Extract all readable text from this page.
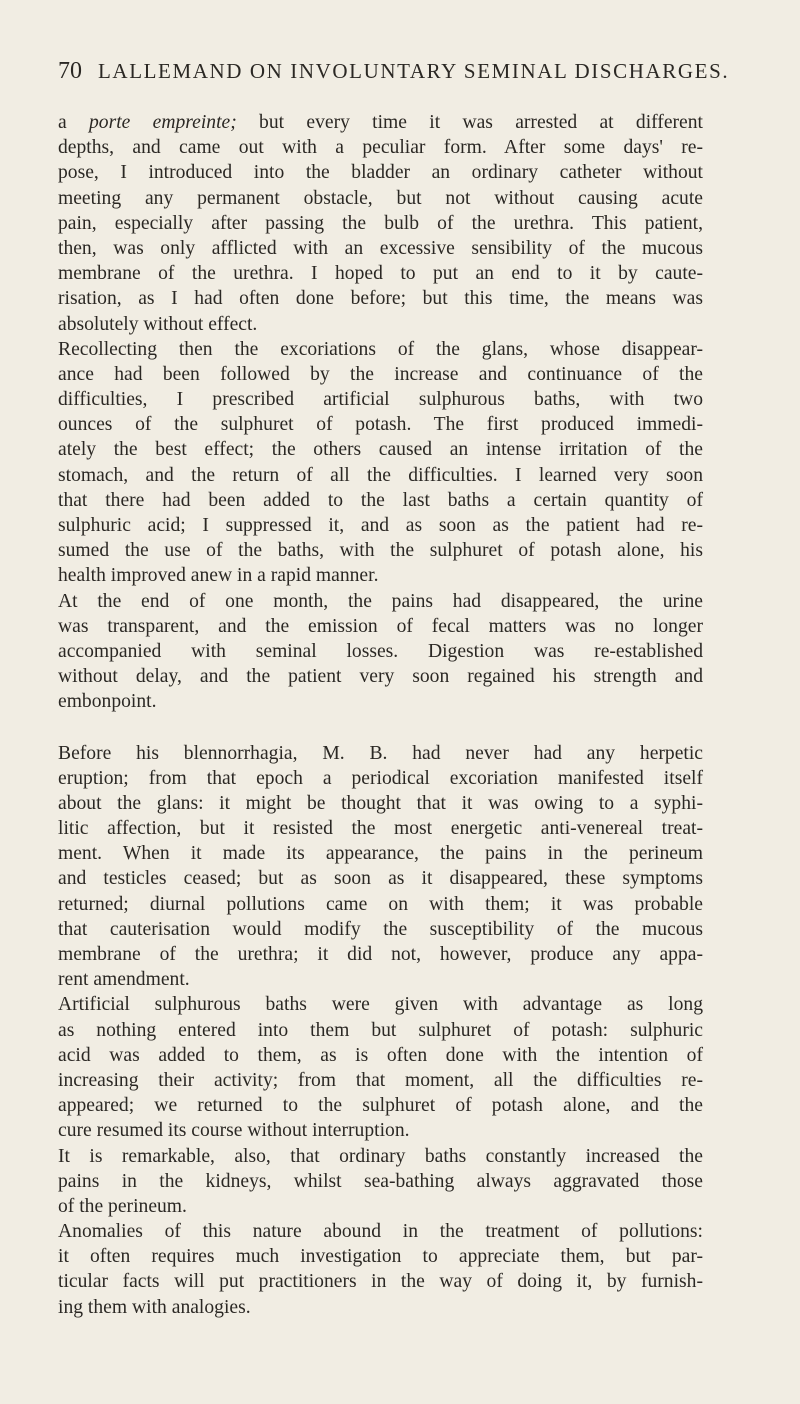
70 LALLEMAND ON INVOLUNTARY SEMINAL DISCHARGES.
a porte empreinte; but every time it was arrested at different
depths, and came out with a peculiar form. After some days' re-
pose, I introduced into the bladder an ordinary catheter without
meeting any permanent obstacle, but not without causing acute
pain, especially after passing the bulb of the urethra. This patient,
then, was only afflicted with an excessive sensibility of the mucous
membrane of the urethra. I hoped to put an end to it by caute-
risation, as I had often done before; but this time, the means was
absolutely without effect.
Recollecting then the excoriations of the glans, whose disappear-
ance had been followed by the increase and continuance of the
difficulties, I prescribed artificial sulphurous baths, with two
ounces of the sulphuret of potash. The first produced immedi-
ately the best effect; the others caused an intense irritation of the
stomach, and the return of all the difficulties. I learned very soon
that there had been added to the last baths a certain quantity of
sulphuric acid; I suppressed it, and as soon as the patient had re-
sumed the use of the baths, with the sulphuret of potash alone, his
health improved anew in a rapid manner.
At the end of one month, the pains had disappeared, the urine
was transparent, and the emission of fecal matters was no longer
accompanied with seminal losses. Digestion was re-established
without delay, and the patient very soon regained his strength and
embonpoint.
Before his blennorrhagia, M. B. had never had any herpetic
eruption; from that epoch a periodical excoriation manifested itself
about the glans: it might be thought that it was owing to a syphi-
litic affection, but it resisted the most energetic anti-venereal treat-
ment. When it made its appearance, the pains in the perineum
and testicles ceased; but as soon as it disappeared, these symptoms
returned; diurnal pollutions came on with them; it was probable
that cauterisation would modify the susceptibility of the mucous
membrane of the urethra; it did not, however, produce any appa-
rent amendment.
Artificial sulphurous baths were given with advantage as long
as nothing entered into them but sulphuret of potash: sulphuric
acid was added to them, as is often done with the intention of
increasing their activity; from that moment, all the difficulties re-
appeared; we returned to the sulphuret of potash alone, and the
cure resumed its course without interruption.
It is remarkable, also, that ordinary baths constantly increased the
pains in the kidneys, whilst sea-bathing always aggravated those
of the perineum.
Anomalies of this nature abound in the treatment of pollutions:
it often requires much investigation to appreciate them, but par-
ticular facts will put practitioners in the way of doing it, by furnish-
ing them with analogies.
